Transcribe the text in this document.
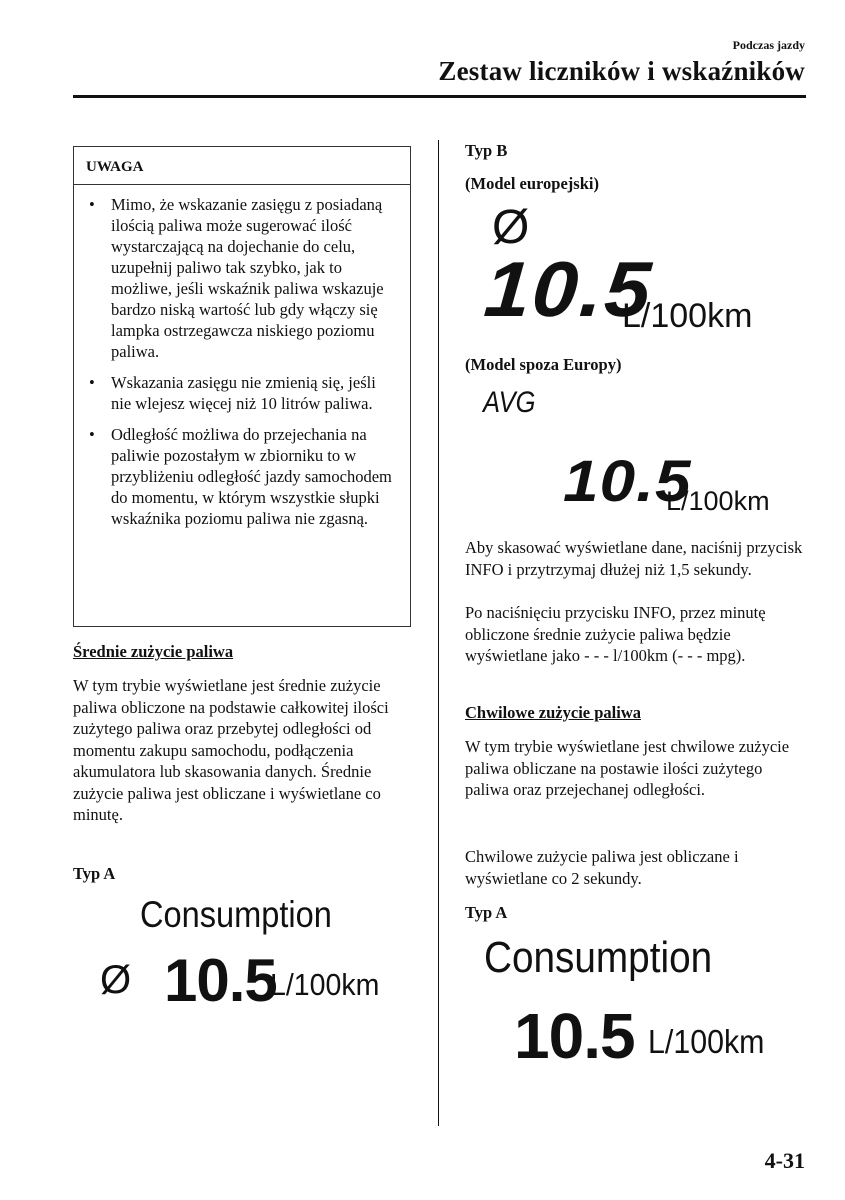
Podczas jazdy
Zestaw liczników i wskaźników
UWAGA
• Mimo, że wskazanie zasięgu z posiadaną ilością paliwa może sugerować ilość wystarczającą na dojechanie do celu, uzupełnij paliwo tak szybko, jak to możliwe, jeśli wskaźnik paliwa wskazuje bardzo niską wartość lub gdy włączy się lampka ostrzegawcza niskiego poziomu paliwa.
• Wskazania zasięgu nie zmienią się, jeśli nie wlejesz więcej niż 10 litrów paliwa.
• Odległość możliwa do przejechania na paliwie pozostałym w zbiorniku to w przybliżeniu odległość jazdy samochodem do momentu, w którym wszystkie słupki wskaźnika poziomu paliwa nie zgasną.
Średnie zużycie paliwa
W tym trybie wyświetlane jest średnie zużycie paliwa obliczone na podstawie całkowitej ilości zużytego paliwa oraz przebytej odległości od momentu zakupu samochodu, podłączenia akumulatora lub skasowania danych. Średnie zużycie paliwa jest obliczane i wyświetlane co minutę.
Typ A
Consumption
Ø 10.5
L/100km
Typ B
(Model europejski)
Ø
10.5
L/100km
(Model spoza Europy)
AVG
10.5
L/100km
Aby skasować wyświetlane dane, naciśnij przycisk INFO i przytrzymaj dłużej niż 1,5 sekundy.
Po naciśnięciu przycisku INFO, przez minutę obliczone średnie zużycie paliwa będzie wyświetlane jako - - - l/100km (- - - mpg).
Chwilowe zużycie paliwa
W tym trybie wyświetlane jest chwilowe zużycie paliwa obliczane na postawie ilości zużytego paliwa oraz przejechanej odległości.
Chwilowe zużycie paliwa jest obliczane i wyświetlane co 2 sekundy.
Typ A
Consumption
10.5 L/100km
4-31
